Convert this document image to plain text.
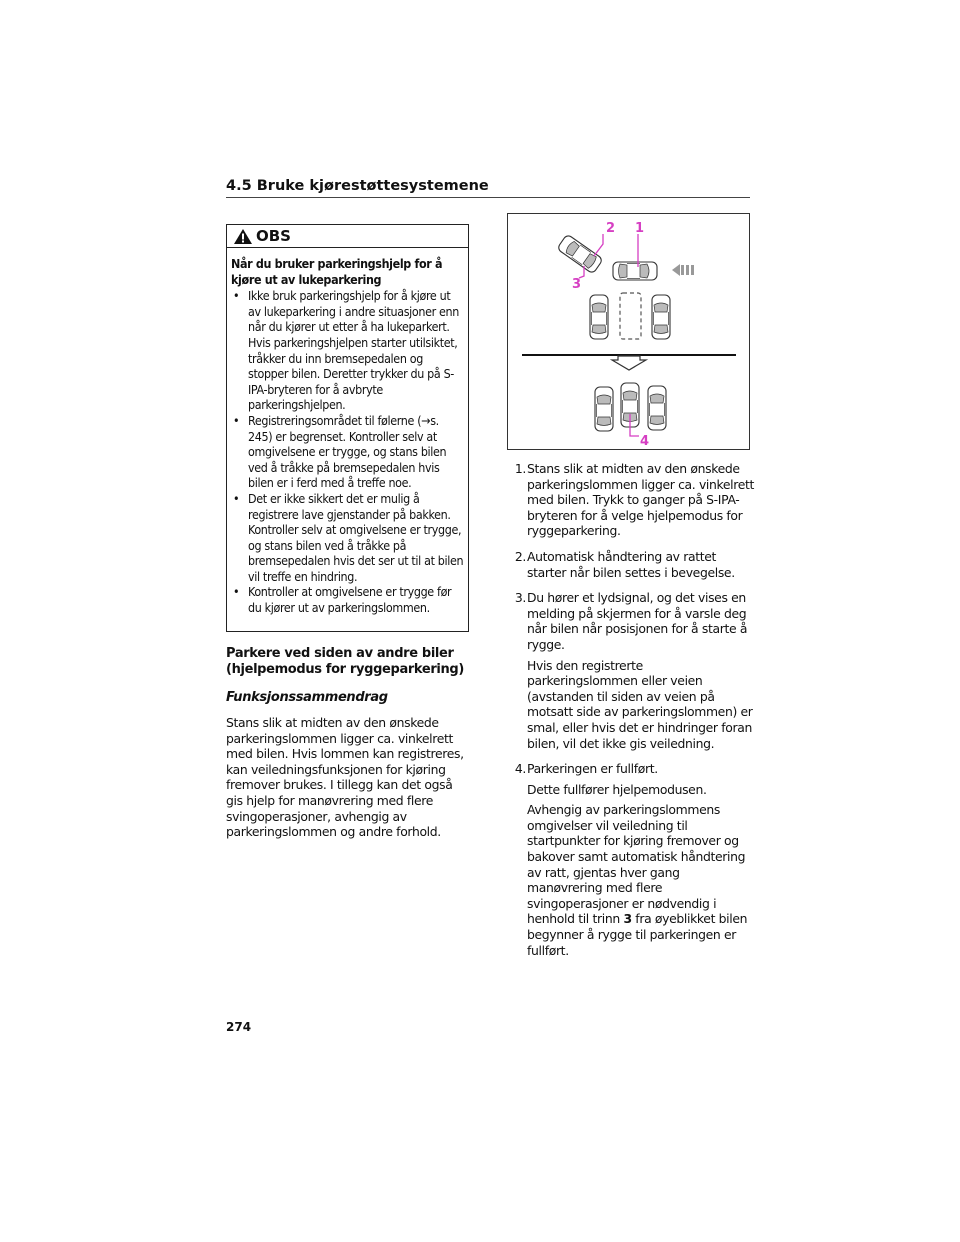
4.5 Bruke kjørestøttesystemene
OBS
Når du bruker parkeringshjelp for å kjøre ut av lukeparkering
• Ikke bruk parkeringshjelp for å kjøre ut av lukeparkering i andre situasjoner enn når du kjører ut etter å ha lukeparkert. Hvis parkeringshjelpen starter utilsiktet, tråkker du inn bremsepedalen og stopper bilen. Deretter trykker du på S-IPA-bryteren for å avbryte parkeringshjelpen.
• Registreringsområdet til følerne (→s. 245) er begrenset. Kontroller selv at omgivelsene er trygge, og stans bilen ved å tråkke på bremsepedalen hvis bilen er i ferd med å treffe noe.
• Det er ikke sikkert det er mulig å registrere lave gjenstander på bakken. Kontroller selv at omgivelsene er trygge, og stans bilen ved å tråkke på bremsepedalen hvis det ser ut til at bilen vil treffe en hindring.
• Kontroller at omgivelsene er trygge før du kjører ut av parkeringslommen.
Parkere ved siden av andre biler (hjelpemodus for ryggeparkering)
Funksjonssammendrag
Stans slik at midten av den ønskede parkeringslommen ligger ca. vinkelrett med bilen. Hvis lommen kan registreres, kan veiledningsfunksjonen for kjøring fremover brukes. I tillegg kan det også gis hjelp for manøvrering med flere svingoperasjoner, avhengig av parkeringslommen og andre forhold.
1
2
3
4
1. Stans slik at midten av den ønskede parkeringslommen ligger ca. vinkelrett med bilen. Trykk to ganger på S-IPA-bryteren for å velge hjelpemodus for ryggeparkering.

2. Automatisk håndtering av rattet starter når bilen settes i bevegelse.

3. Du hører et lydsignal, og det vises en melding på skjermen for å varsle deg når bilen når posisjonen for å starte å rygge.

Hvis den registrerte parkeringslommen eller veien (avstanden til siden av veien på motsatt side av parkeringslommen) er smal, eller hvis det er hindringer foran bilen, vil det ikke gis veiledning.

4. Parkeringen er fullført.

Dette fullfører hjelpemodusen.

Avhengig av parkeringslommens omgivelser vil veiledning til startpunkter for kjøring fremover og bakover samt automatisk håndtering av ratt, gjentas hver gang manøvrering med flere svingoperasjoner er nødvendig i henhold til trinn 3 fra øyeblikket bilen begynner å rygge til parkeringen er fullført.

274
